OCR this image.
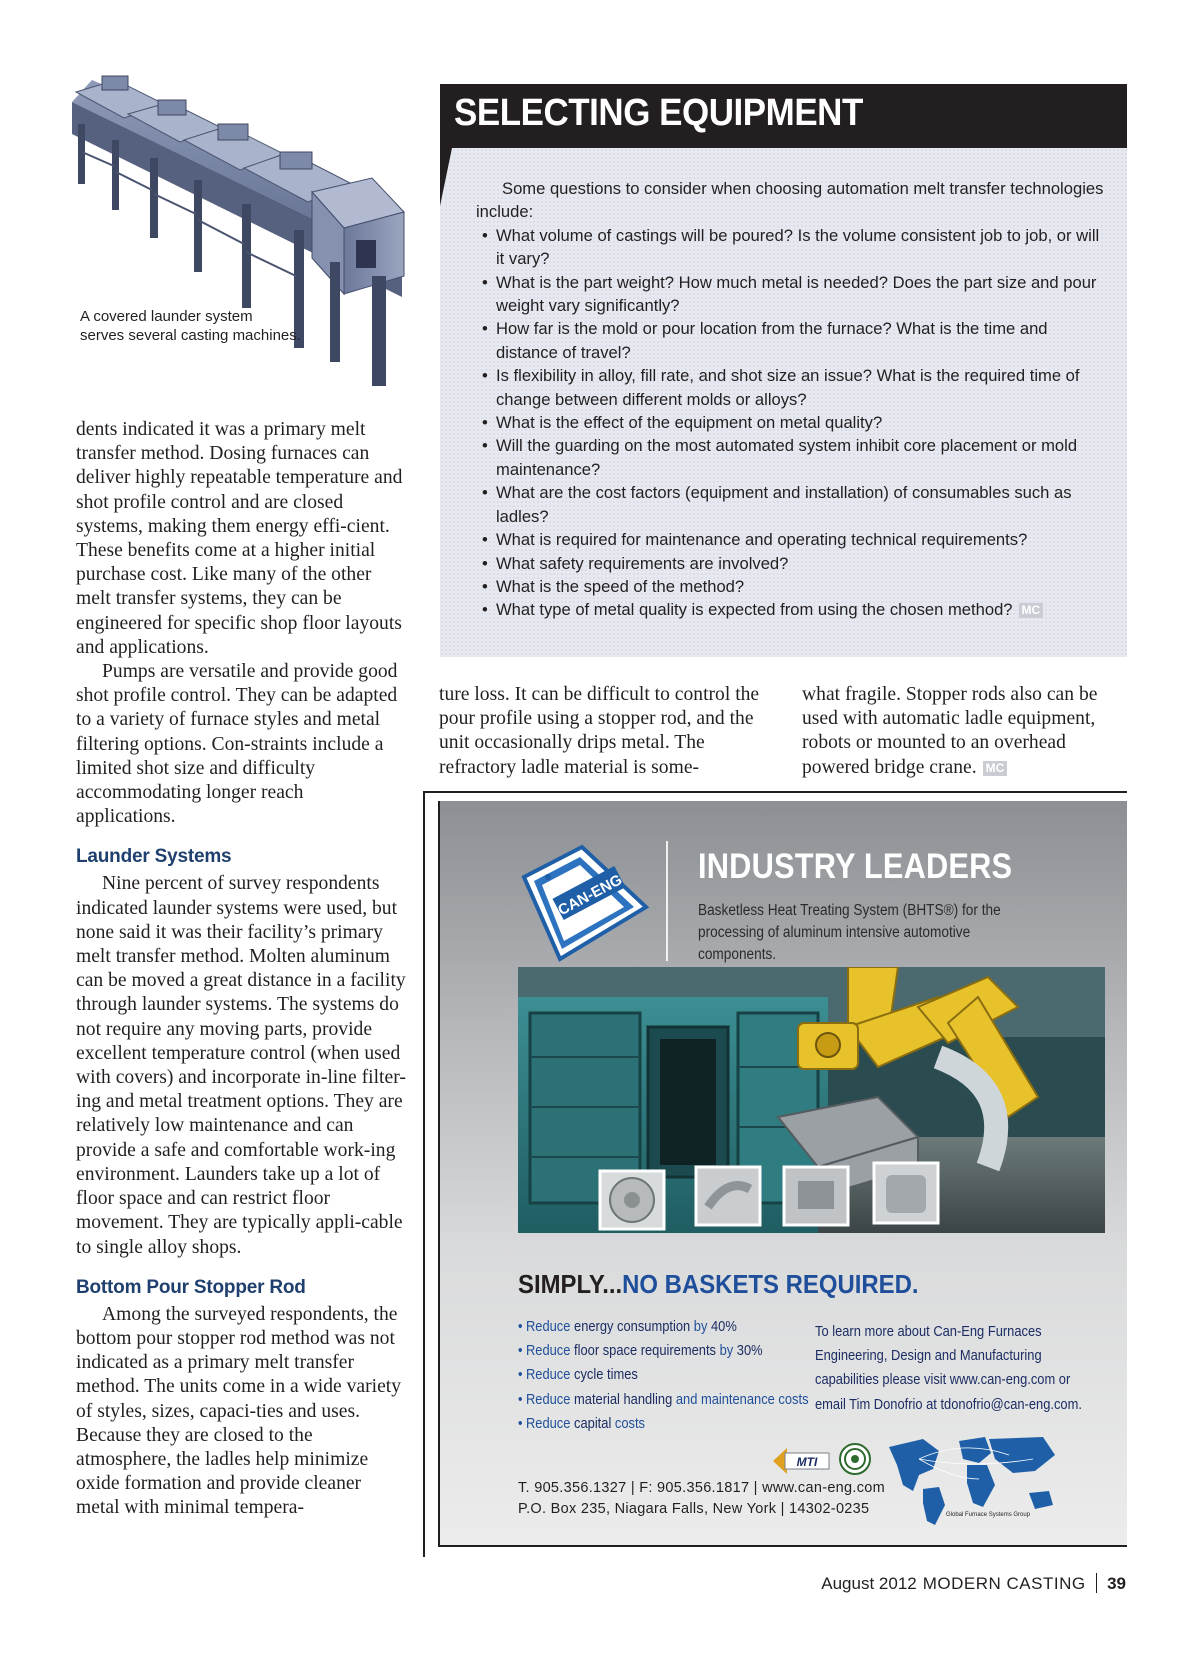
A covered launder system
serves several casting machines.

dents indicated it was a primary melt transfer method. Dosing furnaces can deliver highly repeatable temperature and shot profile control and are closed systems, making them energy effi-cient. These benefits come at a higher initial purchase cost. Like many of the other melt transfer systems, they can be engineered for specific shop floor layouts and applications.

Pumps are versatile and provide good shot profile control. They can be adapted to a variety of furnace styles and metal filtering options. Con-straints include a limited shot size and difficulty accommodating longer reach applications.

Launder Systems

Nine percent of survey respondents indicated launder systems were used, but none said it was their facility’s primary melt transfer method. Molten aluminum can be moved a great distance in a facility through launder systems. The systems do not require any moving parts, provide excellent temperature control (when used with covers) and incorporate in-line filter-ing and metal treatment options. They are relatively low maintenance and can provide a safe and comfortable work-ing environment. Launders take up a lot of floor space and can restrict floor movement. They are typically appli-cable to single alloy shops.

Bottom Pour Stopper Rod

Among the surveyed respondents, the bottom pour stopper rod method was not indicated as a primary melt transfer method. The units come in a wide variety of styles, sizes, capaci-ties and uses. Because they are closed to the atmosphere, the ladles help minimize oxide formation and provide cleaner metal with minimal tempera-

SELECTING EQUIPMENT

Some questions to consider when choosing automation melt transfer technologies include:

• What volume of castings will be poured? Is the volume consistent job to job, or will it vary?
• What is the part weight? How much metal is needed? Does the part size and pour weight vary significantly?
• How far is the mold or pour location from the furnace? What is the time and distance of travel?
• Is flexibility in alloy, fill rate, and shot size an issue? What is the required time of change between different molds or alloys?
• What is the effect of the equipment on metal quality?
• Will the guarding on the most automated system inhibit core placement or mold maintenance?
• What are the cost factors (equipment and installation) of consumables such as ladles?
• What is required for maintenance and operating technical requirements?
• What safety requirements are involved?
• What is the speed of the method?
• What type of metal quality is expected from using the chosen method? MC

ture loss. It can be difficult to control the pour profile using a stopper rod, and the unit occasionally drips metal. The refractory ladle material is some-

what fragile. Stopper rods also can be used with automatic ladle equipment, robots or mounted to an overhead powered bridge crane. MC

CAN-ENG
INDUSTRY LEADERS
Basketless Heat Treating System (BHTS®) for the
processing of aluminum intensive automotive components.
SIMPLY...NO BASKETS REQUIRED.
• Reduce energy consumption by 40%
• Reduce floor space requirements by 30%
• Reduce cycle times
• Reduce material handling and maintenance costs
• Reduce capital costs
To learn more about Can-Eng Furnaces Engineering, Design and Manufacturing capabilities please visit www.can-eng.com or email Tim Donofrio at tdonofrio@can-eng.com.
MTI
Global Furnace Systems Group
T. 905.356.1327 | F: 905.356.1817 | www.can-eng.com
P.O. Box 235, Niagara Falls, New York | 14302-0235
August 2012 MODERN CASTING 39
